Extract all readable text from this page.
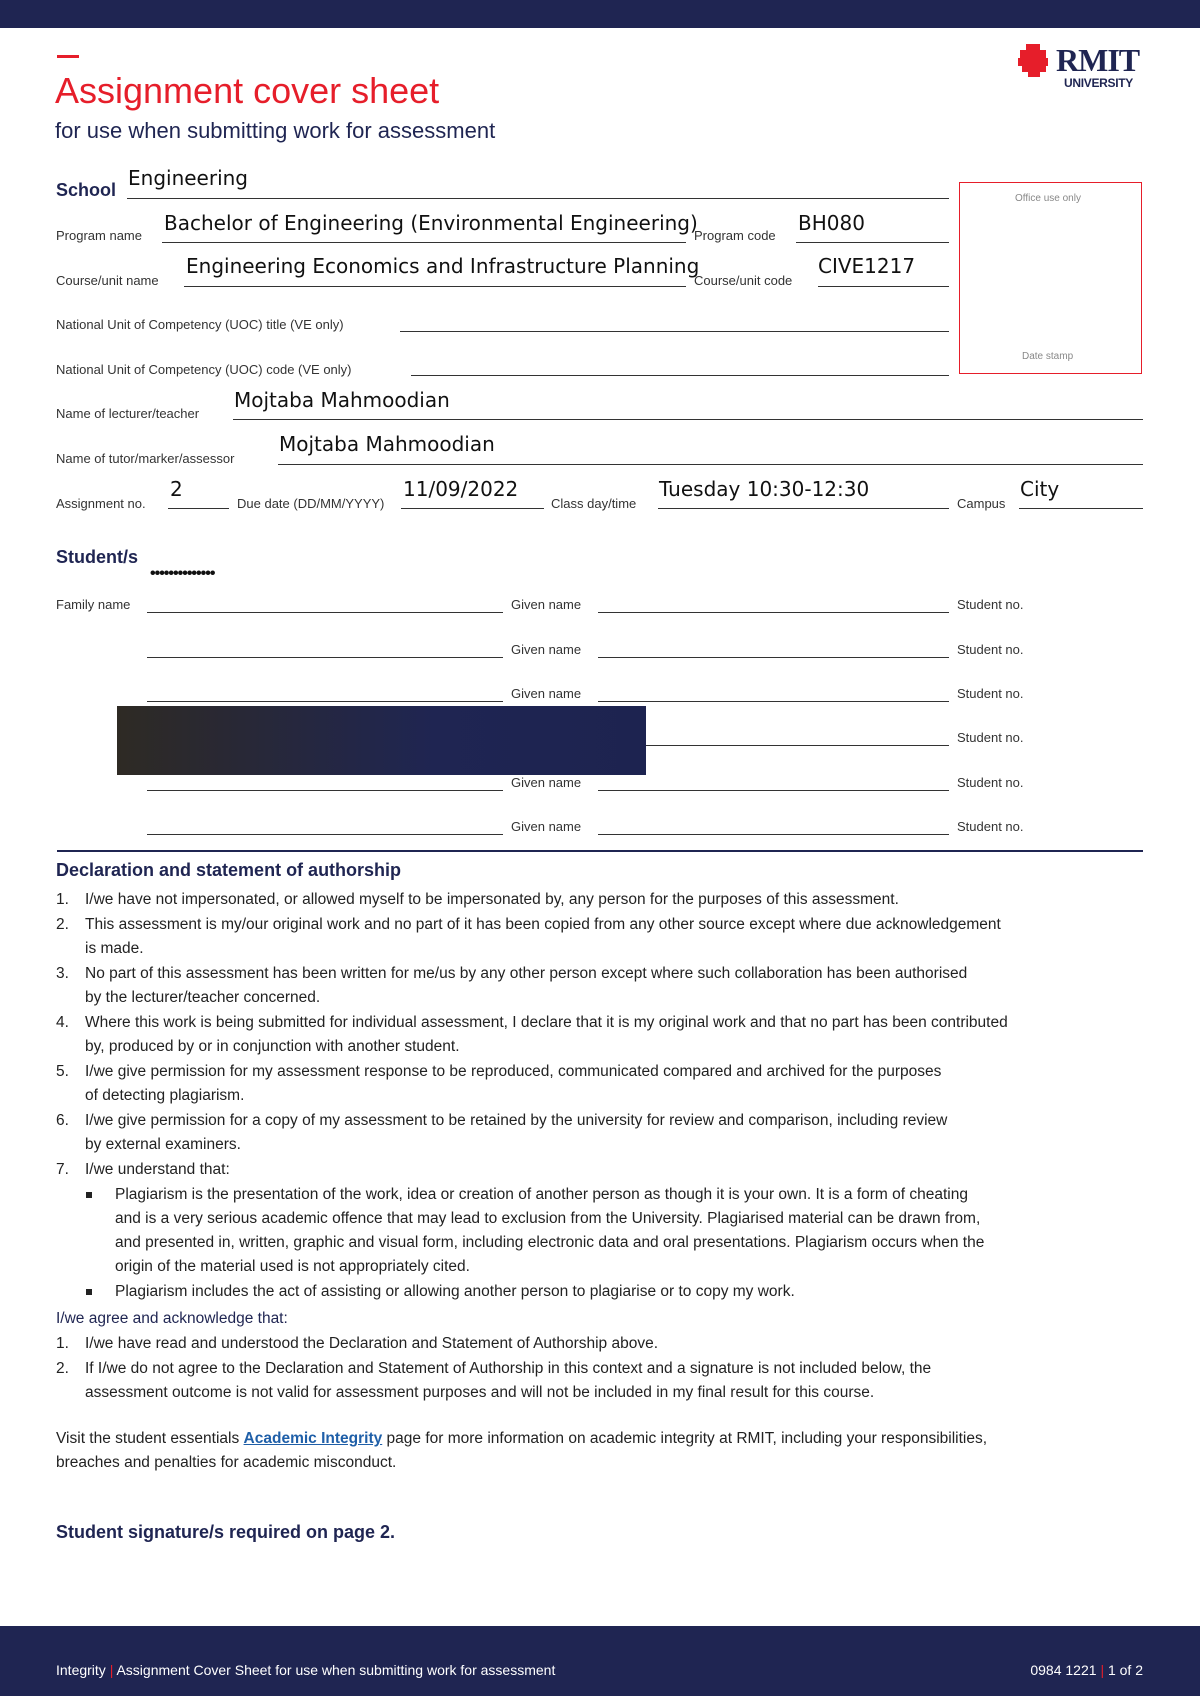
Assignment cover sheet
for use when submitting work for assessment
RMIT
UNIVERSITY
School Engineering
Program name
Bachelor of Engineering (Environmental Engineering)
Program code
BH080
Course/unit name
Engineering Economics and Infrastructure Planning
Course/unit code
CIVE1217
National Unit of Competency (UOC) title (VE only)
National Unit of Competency (UOC) code (VE only)
Office use only
Date stamp
Name of lecturer/teacher
Mojtaba Mahmoodian
Name of tutor/marker/assessor
Mojtaba Mahmoodian
Assignment no.
2
Due date (DD/MM/YYYY)
11/09/2022
Class day/time
Tuesday 10:30-12:30
Campus
City
Student/s
••••••••••••••
Family name	Given name	Student no.
Given name	Student no.
Given name	Student no.
Student no.
Given name	Student no.
Given name	Student no.
Declaration and statement of authorship
1. I/we have not impersonated, or allowed myself to be impersonated by, any person for the purposes of this assessment.
2. This assessment is my/our original work and no part of it has been copied from any other source except where due acknowledgement
is made.
3. No part of this assessment has been written for me/us by any other person except where such collaboration has been authorised
by the lecturer/teacher concerned.
4. Where this work is being submitted for individual assessment, I declare that it is my original work and that no part has been contributed
by, produced by or in conjunction with another student.
5. I/we give permission for my assessment response to be reproduced, communicated compared and archived for the purposes
of detecting plagiarism.
6. I/we give permission for a copy of my assessment to be retained by the university for review and comparison, including review
by external examiners.
7. I/we understand that:
Plagiarism is the presentation of the work, idea or creation of another person as though it is your own. It is a form of cheating
and is a very serious academic offence that may lead to exclusion from the University. Plagiarised material can be drawn from,
and presented in, written, graphic and visual form, including electronic data and oral presentations. Plagiarism occurs when the
origin of the material used is not appropriately cited.
Plagiarism includes the act of assisting or allowing another person to plagiarise or to copy my work.
I/we agree and acknowledge that:
1. I/we have read and understood the Declaration and Statement of Authorship above.
2. If I/we do not agree to the Declaration and Statement of Authorship in this context and a signature is not included below, the
assessment outcome is not valid for assessment purposes and will not be included in my final result for this course.
Visit the student essentials Academic Integrity page for more information on academic integrity at RMIT, including your responsibilities,
breaches and penalties for academic misconduct.
Student signature/s required on page 2.
Integrity | Assignment Cover Sheet for use when submitting work for assessment	0984 1221 | 1 of 2
